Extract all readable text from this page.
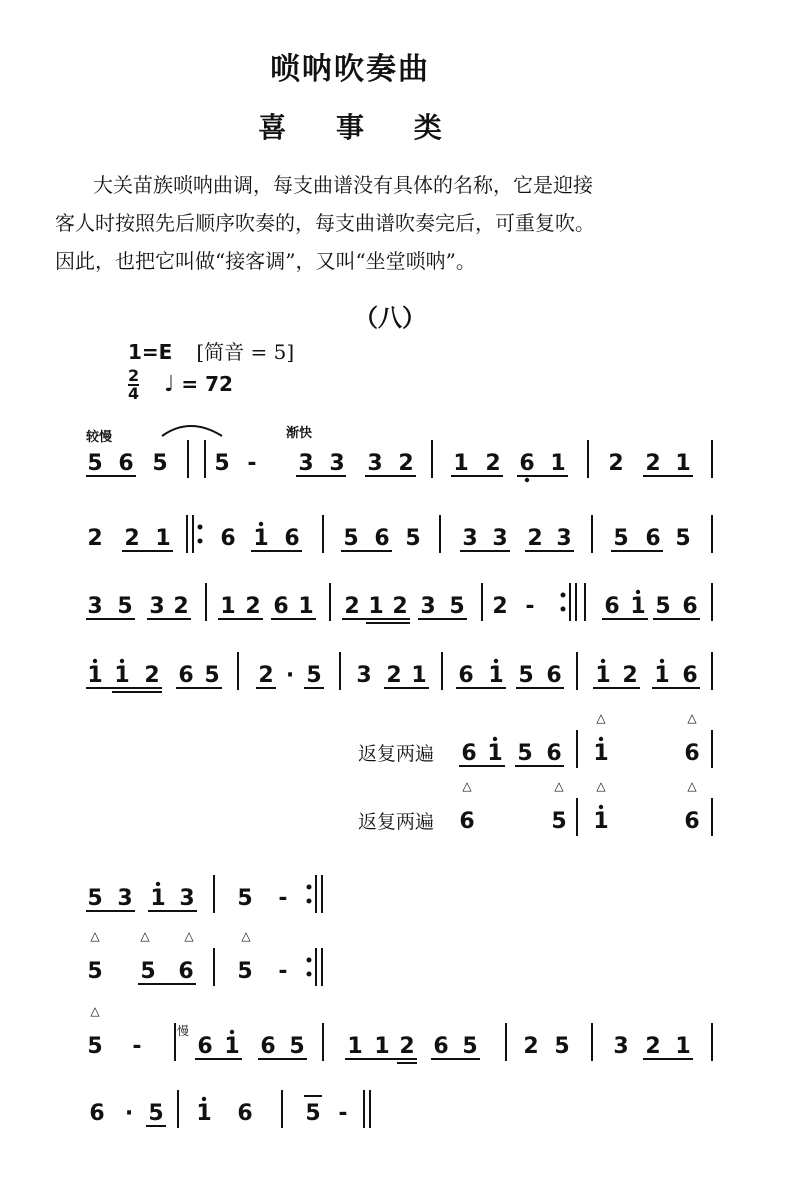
唢呐吹奏曲
喜 事 类

大关苗族唢呐曲调，每支曲谱没有具体的名称，它是迎接

客人时按照先后顺序吹奏的，每支曲谱吹奏完后，可重复吹。

因此，也把它叫做“接客调”，又叫“坐堂唢呐”。

（八）
1=E [简音 = 5]
2
4 ♩ = 72
较慢	渐快
5 6 5 5 - 3 3 3 2 1 2 6 1 2 2 1
2 2 1 6 1 6 5 6 5 3 3 2 3 5 6 5
3 5 3 2 1 2 6 1 2 1 2 3 5 2 -	6 1 5 6
1 1 2 6 5 2 · 5 3 2 1 6 1 5 6 1 2 1 6
返复两遍 6 1 5 6 1	6
△	△
返复两遍 6	5 1	6
△	△	△	△
5 3 1 3 5 -
5 5 6 5 -
△	△	△	△
5 -	6 1 6 5 1 1 2 6 5 2 5 3 2 1
△
慢
6 · 5 1 6 5 -
